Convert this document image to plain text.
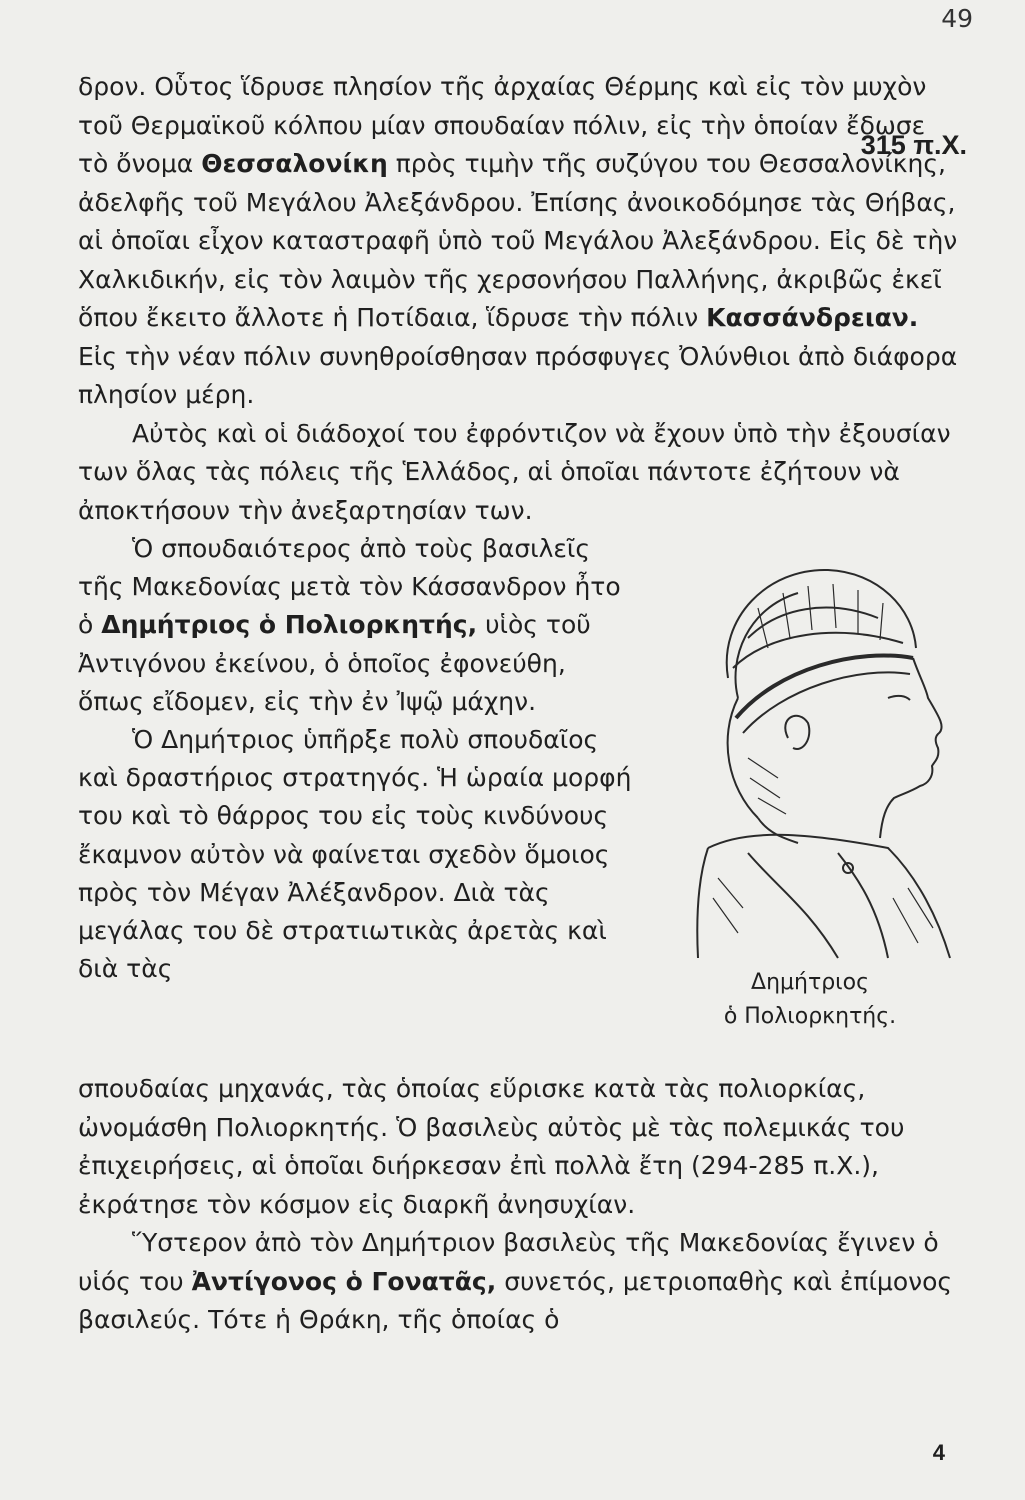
49
315 π.Χ.

δρον. Οὗτος ἵδρυσε πλησίον τῆς ἀρχαίας Θέρμης καὶ εἰς τὸν μυχὸν τοῦ Θερμαϊκοῦ κόλπου μίαν σπουδαίαν πόλιν, εἰς τὴν ὁποίαν ἔδωσε τὸ ὄνομα Θεσσαλονίκη πρὸς τιμὴν τῆς συζύγου του Θεσσαλονίκης, ἀδελφῆς τοῦ Μεγάλου Ἀλεξάνδρου. Ἐπίσης ἀνοικοδόμησε τὰς Θήβας, αἱ ὁποῖαι εἶχον καταστραφῆ ὑπὸ τοῦ Μεγάλου Ἀλεξάνδρου. Εἰς δὲ τὴν Χαλκιδικήν, εἰς τὸν λαιμὸν τῆς χερσονήσου Παλλήνης, ἀκριβῶς ἐκεῖ ὅπου ἔκειτο ἄλλοτε ἡ Ποτίδαια, ἵδρυσε τὴν πόλιν Κασσάνδρειαν. Εἰς τὴν νέαν πόλιν συνηθροίσθησαν πρόσφυγες Ὀλύνθιοι ἀπὸ διάφορα πλησίον μέρη.

Αὐτὸς καὶ οἱ διάδοχοί του ἐφρόντιζον νὰ ἔχουν ὑπὸ τὴν ἐξουσίαν των ὅλας τὰς πόλεις τῆς Ἑλλάδος, αἱ ὁποῖαι πάντοτε ἐζήτουν νὰ ἀποκτήσουν τὴν ἀνεξαρτησίαν των.

Ὁ σπουδαιότερος ἀπὸ τοὺς βασιλεῖς τῆς Μακεδονίας μετὰ τὸν Κάσσανδρον ἦτο ὁ Δημήτριος ὁ Πολιορκητής, υἱὸς τοῦ Ἀντιγόνου ἐκείνου, ὁ ὁποῖος ἐφονεύθη, ὅπως εἴδομεν, εἰς τὴν ἐν Ἰψῷ μάχην.

Ὁ Δημήτριος ὑπῆρξε πολὺ σπουδαῖος καὶ δραστήριος στρατηγός. Ἡ ὡραία μορφή του καὶ τὸ θάρρος του εἰς τοὺς κινδύνους ἔκαμνον αὐτὸν νὰ φαίνεται σχεδὸν ὅμοιος πρὸς τὸν Μέγαν Ἀλέξανδρον. Διὰ τὰς μεγάλας του δὲ στρατιωτικὰς ἀρετὰς καὶ διὰ τὰς	Δημήτριος
ὁ Πολιορκητής.

σπουδαίας μηχανάς, τὰς ὁποίας εὕρισκε κατὰ τὰς πολιορκίας, ὠνομάσθη Πολιορκητής. Ὁ βασιλεὺς αὐτὸς μὲ τὰς πολεμικάς του ἐπιχειρήσεις, αἱ ὁποῖαι διήρκεσαν ἐπὶ πολλὰ ἔτη (294-285 π.Χ.), ἐκράτησε τὸν κόσμον εἰς διαρκῆ ἀνησυχίαν.

Ὕστερον ἀπὸ τὸν Δημήτριον βασιλεὺς τῆς Μακεδονίας ἔγινεν ὁ υἱός του Ἀντίγονος ὁ Γονατᾶς, συνετός, μετριοπαθὴς καὶ ἐπίμονος βασιλεύς. Τότε ἡ Θράκη, τῆς ὁποίας ὁ

4
